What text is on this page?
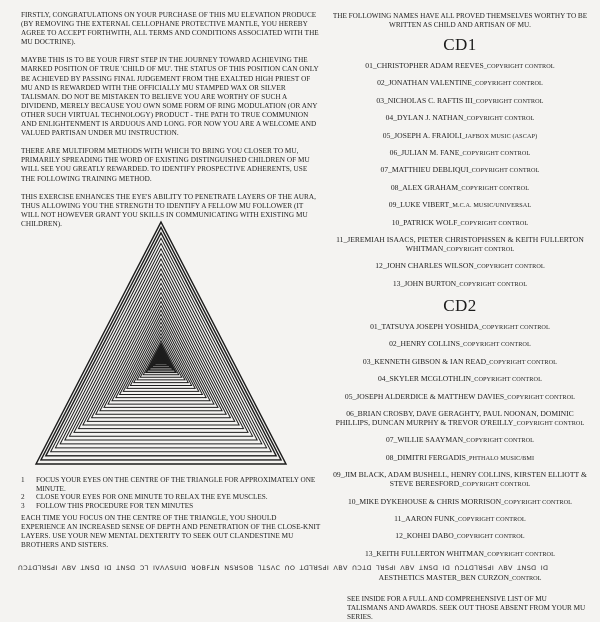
FIRSTLY, CONGRATULATIONS ON YOUR PURCHASE OF THIS MU ELEVATION PRODUCE (BY REMOVING THE EXTERNAL CELLOPHANE PROTECTIVE MANTLE, YOU HEREBY AGREE TO ACCEPT FORTHWITH, ALL TERMS AND CONDITIONS ASSOCIATED WITH THE MU DOCTRINE).

MAYBE THIS IS TO BE YOUR FIRST STEP IN THE JOURNEY TOWARD ACHIEVING THE MARKED POSITION OF TRUE 'CHILD OF MU'. THE STATUS OF THIS POSITION CAN ONLY BE ACHIEVED BY PASSING FINAL JUDGEMENT FROM THE EXALTED HIGH PRIEST OF MU AND IS REWARDED WITH THE OFFICIALLY MU STAMPED WAX OR SILVER TALISMAN. DO NOT BE MISTAKEN TO BELIEVE YOU ARE WORTHY OF SUCH A DIVIDEND, MERELY BECAUSE YOU OWN SOME FORM OF RING MODULATION (OR ANY OTHER SUCH VIRTUAL TECHNOLOGY) PRODUCT - THE PATH TO TRUE COMMUNION AND ENLIGHTENMENT IS ARDUOUS AND LONG. FOR NOW YOU ARE A WELCOME AND VALUED PARTISAN UNDER MU INSTRUCTION.

THERE ARE MULTIFORM METHODS WITH WHICH TO BRING YOU CLOSER TO MU, PRIMARILY SPREADING THE WORD OF EXISTING DISTINGUISHED CHILDREN OF MU WILL SEE YOU GREATLY REWARDED. TO IDENTIFY PROSPECTIVE ADHERENTS, USE THE FOLLOWING TRAINING METHOD.

THIS EXERCISE ENHANCES THE EYE'S ABILITY TO PENETRATE LAYERS OF THE AURA, THUS ALLOWING YOU THE STRENGTH TO IDENTIFY A FELLOW MU FOLLOWER (IT WILL NOT HOWEVER GRANT YOU SKILLS IN COMMUNICATING WITH EXISTING MU CHILDREN).

1	FOCUS YOUR EYES ON THE CENTRE OF THE TRIANGLE FOR APPROXIMATELY ONE MINUTE.
2	CLOSE YOUR EYES FOR ONE MINUTE TO RELAX THE EYE MUSCLES.
3	FOLLOW THIS PROCEDURE FOR TEN MINUTES

EACH TIME YOU FOCUS ON THE CENTRE OF THE TRIANGLE, YOU SHOULD EXPERIENCE AN INCREASED SENSE OF DEPTH AND PENETRATION OF THE CLOSE-KNIT LAYERS. USE YOUR NEW MENTAL DEXTERITY TO SEEK OUT CLANDESTINE MU BROTHERS AND SISTERS.

THE FOLLOWING NAMES HAVE ALL PROVED THEMSELVES WORTHY TO BE WRITTEN AS CHILD AND ARTISAN OF MU.

CD1

01_CHRISTOPHER ADAM REEVES_COPYRIGHT CONTROL

02_JONATHAN VALENTINE_COPYRIGHT CONTROL

03_NICHOLAS C. RAFTIS III_COPYRIGHT CONTROL

04_DYLAN J. NATHAN_COPYRIGHT CONTROL

05_JOSEPH A. FRAIOLI_JAFBOX MUSIC (ASCAP)

06_JULIAN M. FANE_COPYRIGHT CONTROL

07_MATTHIEU DEBLIQUI_COPYRIGHT CONTROL

08_ALEX GRAHAM_COPYRIGHT CONTROL

09_LUKE VIBERT_M.C.A. MUSIC/UNIVERSAL

10_PATRICK WOLF_COPYRIGHT CONTROL

11_JEREMIAH ISAACS, PIETER CHRISTOPHSSEN & KEITH FULLERTON WHITMAN_COPYRIGHT CONTROL

12_JOHN CHARLES WILSON_COPYRIGHT CONTROL

13_JOHN BURTON_COPYRIGHT CONTROL

CD2

01_TATSUYA JOSEPH YOSHIDA_COPYRIGHT CONTROL

02_HENRY COLLINS_COPYRIGHT CONTROL

03_KENNETH GIBSON & IAN READ_COPYRIGHT CONTROL

04_SKYLER MCGLOTHLIN_COPYRIGHT CONTROL

05_JOSEPH ALDERDICE & MATTHEW DAVIES_COPYRIGHT CONTROL

06_BRIAN CROSBY, DAVE GERAGHTY, PAUL NOONAN, DOMINIC PHILLIPS, DUNCAN MURPHY & TREVOR O'REILLY_COPYRIGHT CONTROL

07_WILLIE SAAYMAN_COPYRIGHT CONTROL

08_DIMITRI FERGADIS_PHTHALO MUSIC/BMI

09_JIM BLACK, ADAM BUSHELL, HENRY COLLINS, KIRSTEN ELLIOTT & STEVE BERESFORD_COPYRIGHT CONTROL

10_MIKE DYKEHOUSE & CHRIS MORRISON_COPYRIGHT CONTROL

11_AARON FUNK_COPYRIGHT CONTROL

12_KOHEI DABO_COPYRIGHT CONTROL

13_KEITH FULLERTON WHITMAN_COPYRIGHT CONTROL

AESTHETICS MASTER_BEN CURZON_CONTROL

SEE INSIDE FOR A FULL AND COMPREHENSIVE LIST OF MU TALISMANS AND AWARDS. SEEK OUT THOSE ABSENT FROM YOUR MU SERIES.

ꓵꓛꓕꓷꓶꓤꓢꓒꓲ ꓥꓐꓦ ꓕꓠꓢꓷ ꓲꓷ ꓕꓠꓢꓷ ꓛꓶ ꓲꓦꓥꓥꓢꓴꓲꓷ ꓤꓳꓐꓝꓕꓠ ꓠꓢꓤꓢꓳꓐ ꓶꓕꓢꓥꓚ ꓵꓳ ꓕꓷꓶꓤꓢꓒꓲ ꓥꓐꓦ ꓵꓛꓕꓷ ꓶꓤꓢꓒꓲ ꓥꓐꓦ ꓕꓠꓢꓷ ꓲꓷ ꓵꓛꓕꓷꓶꓤꓢꓒꓲ ꓥꓐꓦ ꓕꓠꓢꓷ ꓲꓷ
